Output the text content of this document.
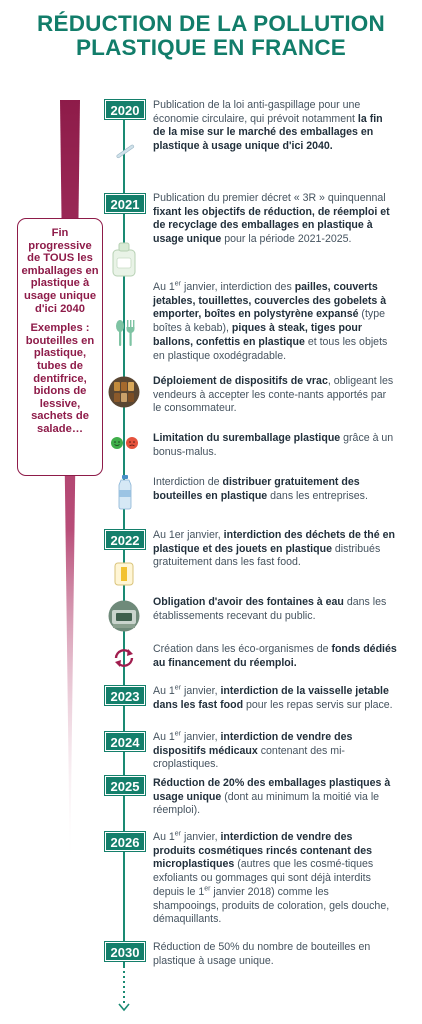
RÉDUCTION DE LA POLLUTION
PLASTIQUE EN FRANCE

Fin progressive de TOUS les emballages en plastique à usage unique d'ici 2040

Exemples : bouteilles en plastique, tubes de dentifrice, bidons de lessive, sachets de salade…

2020
2021
2022
2023
2024
2025
2026
2030
Publication de la loi anti-gaspillage pour une économie circulaire, qui prévoit notamment la fin de la mise sur le marché des emballages en plastique à usage unique d'ici 2040.
Publication du premier décret « 3R » quinquennal fixant les objectifs de réduction, de réemploi et de recyclage des emballages en plastique à usage unique pour la période 2021-2025.
Au 1er janvier, interdiction des pailles, couverts jetables, touillettes, couvercles des gobelets à emporter, boîtes en polystyrène expansé (type boîtes à kebab), piques à steak, tiges pour ballons, confettis en plastique et tous les objets en plastique oxodégradable.
Déploiement de dispositifs de vrac, obligeant les vendeurs à accepter les conte-nants apportés par le consommateur.
Limitation du suremballage plastique grâce à un bonus-malus.
Interdiction de distribuer gratuitement des bouteilles en plastique dans les entreprises.
Au 1er janvier, interdiction des déchets de thé en plastique et des jouets en plastique distribués gratuitement dans les fast food.
Obligation d'avoir des fontaines à eau dans les établissements recevant du public.
Création dans les éco-organismes de fonds dédiés au financement du réemploi.
Au 1er janvier, interdiction de la vaisselle jetable dans les fast food pour les repas servis sur place.
Au 1er janvier, interdiction de vendre des dispositifs médicaux contenant des mi-croplastiques.
Réduction de 20% des emballages plastiques à usage unique (dont au minimum la moitié via le réemploi).
Au 1er janvier, interdiction de vendre des produits cosmétiques rincés contenant des microplastiques (autres que les cosmé-tiques exfoliants ou gommages qui sont déjà interdits depuis le 1er janvier 2018) comme les shampooings, produits de coloration, gels douche, démaquillants.
Réduction de 50% du nombre de bouteilles en plastique à usage unique.
